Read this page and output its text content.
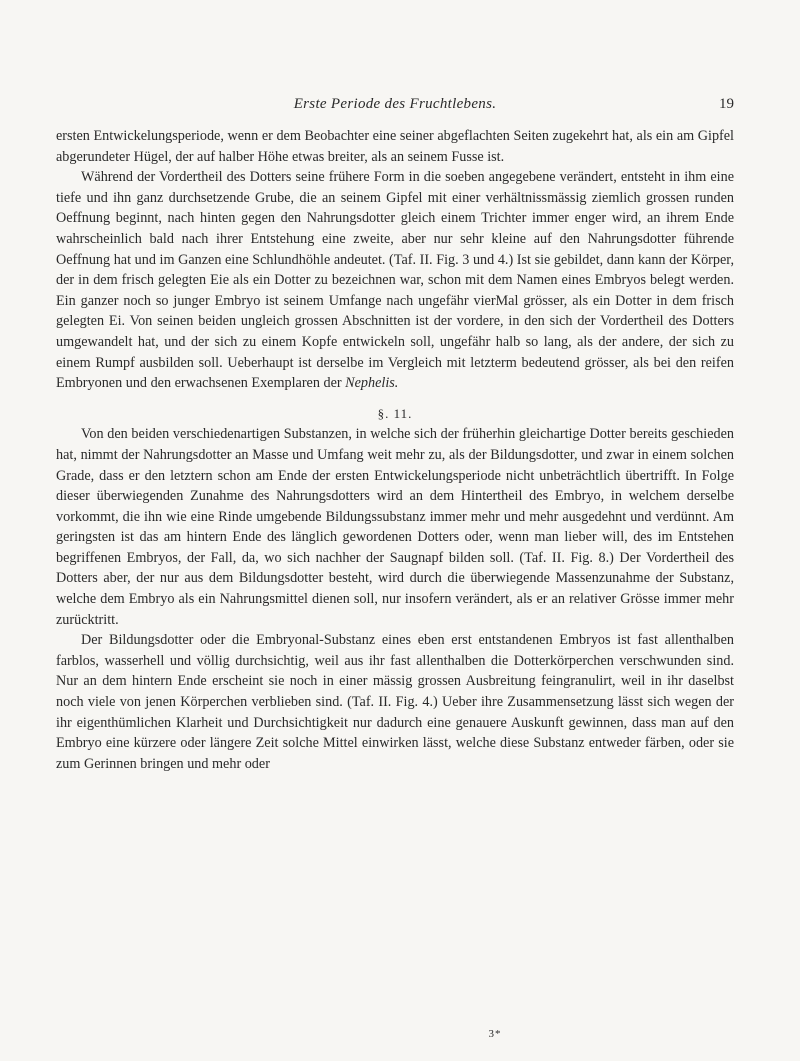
Erste Periode des Fruchtlebens.	19

ersten Entwickelungsperiode, wenn er dem Beobachter eine seiner abgeflachten Seiten zugekehrt hat, als ein am Gipfel abgerundeter Hügel, der auf halber Höhe etwas breiter, als an seinem Fusse ist.

Während der Vordertheil des Dotters seine frühere Form in die soeben angegebene verändert, entsteht in ihm eine tiefe und ihn ganz durchsetzende Grube, die an seinem Gipfel mit einer verhältnissmässig ziemlich grossen runden Oeffnung beginnt, nach hinten gegen den Nahrungsdotter gleich einem Trichter immer enger wird, an ihrem Ende wahrscheinlich bald nach ihrer Entstehung eine zweite, aber nur sehr kleine auf den Nahrungsdotter führende Oeffnung hat und im Ganzen eine Schlundhöhle andeutet. (Taf. II. Fig. 3 und 4.) Ist sie gebildet, dann kann der Körper, der in dem frisch gelegten Eie als ein Dotter zu bezeichnen war, schon mit dem Namen eines Embryos belegt werden. Ein ganzer noch so junger Embryo ist seinem Umfange nach ungefähr vierMal grösser, als ein Dotter in dem frisch gelegten Ei. Von seinen beiden ungleich grossen Abschnitten ist der vordere, in den sich der Vordertheil des Dotters umgewandelt hat, und der sich zu einem Kopfe entwickeln soll, ungefähr halb so lang, als der andere, der sich zu einem Rumpf ausbilden soll. Ueberhaupt ist derselbe im Vergleich mit letzterm bedeutend grösser, als bei den reifen Embryonen und den erwachsenen Exemplaren der Nephelis.

§. 11.

Von den beiden verschiedenartigen Substanzen, in welche sich der früherhin gleichartige Dotter bereits geschieden hat, nimmt der Nahrungsdotter an Masse und Umfang weit mehr zu, als der Bildungsdotter, und zwar in einem solchen Grade, dass er den letztern schon am Ende der ersten Entwickelungsperiode nicht unbeträchtlich übertrifft. In Folge dieser überwiegenden Zunahme des Nahrungsdotters wird an dem Hintertheil des Embryo, in welchem derselbe vorkommt, die ihn wie eine Rinde umgebende Bildungssubstanz immer mehr und mehr ausgedehnt und verdünnt. Am geringsten ist das am hintern Ende des länglich gewordenen Dotters oder, wenn man lieber will, des im Entstehen begriffenen Embryos, der Fall, da, wo sich nachher der Saugnapf bilden soll. (Taf. II. Fig. 8.) Der Vordertheil des Dotters aber, der nur aus dem Bildungsdotter besteht, wird durch die überwiegende Massenzunahme der Substanz, welche dem Embryo als ein Nahrungsmittel dienen soll, nur insofern verändert, als er an relativer Grösse immer mehr zurücktritt.

Der Bildungsdotter oder die Embryonal-Substanz eines eben erst entstandenen Embryos ist fast allenthalben farblos, wasserhell und völlig durchsichtig, weil aus ihr fast allenthalben die Dotterkörperchen verschwunden sind. Nur an dem hintern Ende erscheint sie noch in einer mässig grossen Ausbreitung feingranulirt, weil in ihr daselbst noch viele von jenen Körperchen verblieben sind. (Taf. II. Fig. 4.) Ueber ihre Zusammensetzung lässt sich wegen der ihr eigenthümlichen Klarheit und Durchsichtigkeit nur dadurch eine genauere Auskunft gewinnen, dass man auf den Embryo eine kürzere oder längere Zeit solche Mittel einwirken lässt, welche diese Substanz entweder färben, oder sie zum Gerinnen bringen und mehr oder

3*
